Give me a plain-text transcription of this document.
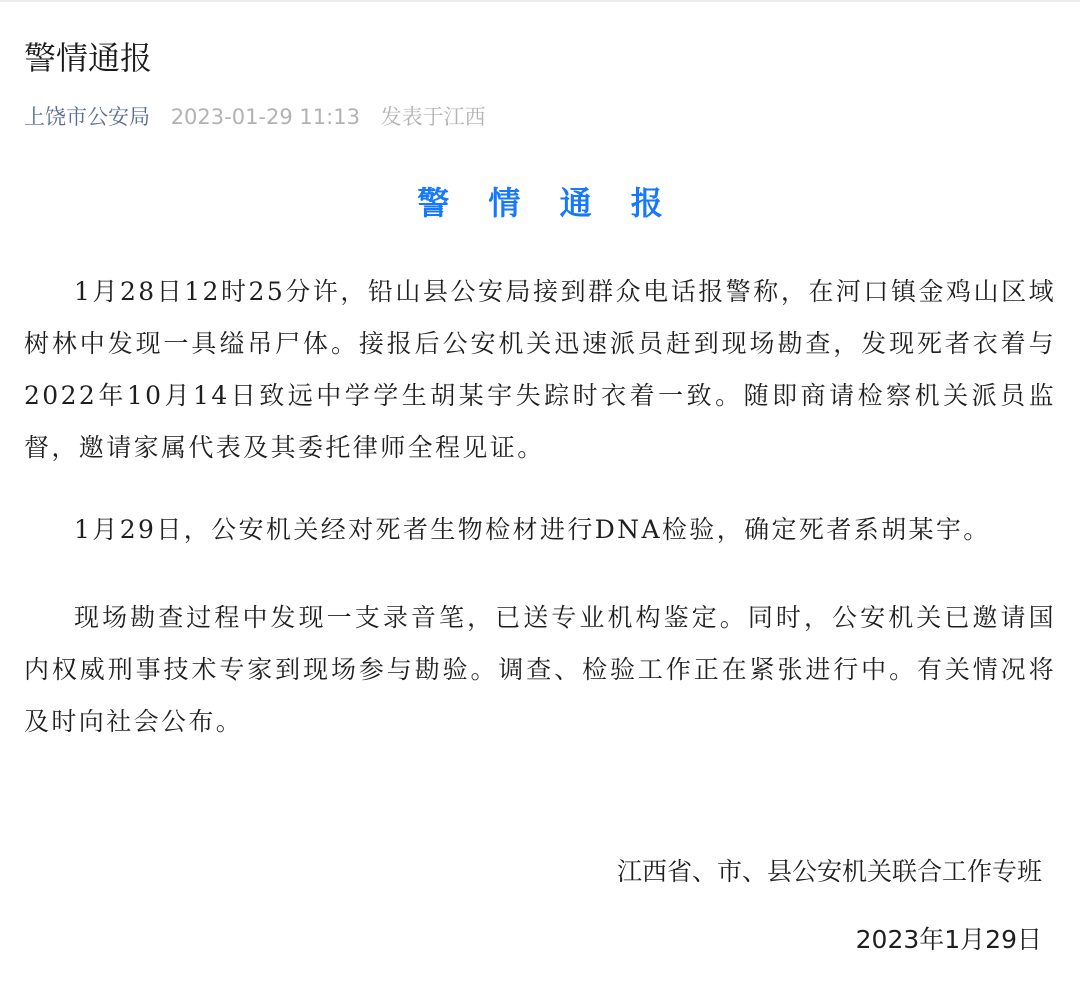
警情通报
上饶市公安局 2023-01-29 11:13 发表于江西
警 情 通 报

1月28日12时25分许，铅山县公安局接到群众电话报警称，在河口镇金鸡山区域树林中发现一具缢吊尸体。接报后公安机关迅速派员赶到现场勘查，发现死者衣着与2022年10月14日致远中学学生胡某宇失踪时衣着一致。随即商请检察机关派员监督，邀请家属代表及其委托律师全程见证。

1月29日，公安机关经对死者生物检材进行DNA检验，确定死者系胡某宇。

现场勘查过程中发现一支录音笔，已送专业机构鉴定。同时，公安机关已邀请国内权威刑事技术专家到现场参与勘验。调查、检验工作正在紧张进行中。有关情况将及时向社会公布。

江西省、市、县公安机关联合工作专班
2023年1月29日
